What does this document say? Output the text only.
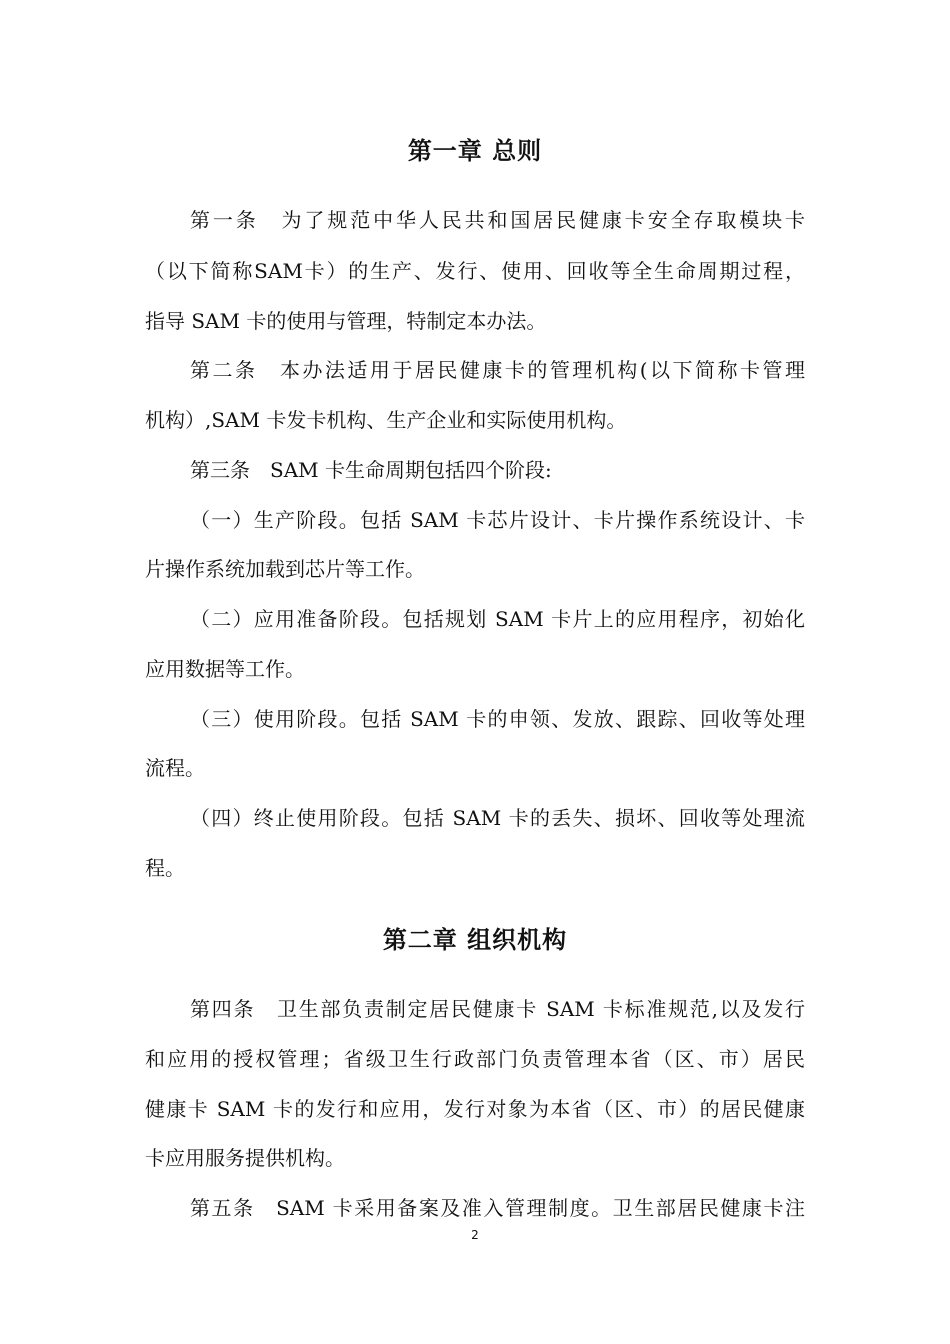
第一章 总则
第一条　为了规范中华人民共和国居民健康卡安全存取模块卡
（以下简称SAM卡）的生产、发行、使用、回收等全生命周期过程，
指导 SAM 卡的使用与管理，特制定本办法。
第二条　本办法适用于居民健康卡的管理机构(以下简称卡管理
机构）,SAM 卡发卡机构、生产企业和实际使用机构。
第三条　SAM 卡生命周期包括四个阶段:
（一）生产阶段。包括 SAM 卡芯片设计、卡片操作系统设计、卡
片操作系统加载到芯片等工作。
（二）应用准备阶段。包括规划 SAM 卡片上的应用程序，初始化
应用数据等工作。
（三）使用阶段。包括 SAM 卡的申领、发放、跟踪、回收等处理
流程。
（四）终止使用阶段。包括 SAM 卡的丢失、损坏、回收等处理流
程。
第二章 组织机构
第四条　卫生部负责制定居民健康卡 SAM 卡标准规范,以及发行
和应用的授权管理；省级卫生行政部门负责管理本省（区、市）居民
健康卡 SAM 卡的发行和应用，发行对象为本省（区、市）的居民健康
卡应用服务提供机构。
第五条　SAM 卡采用备案及准入管理制度。卫生部居民健康卡注
2
